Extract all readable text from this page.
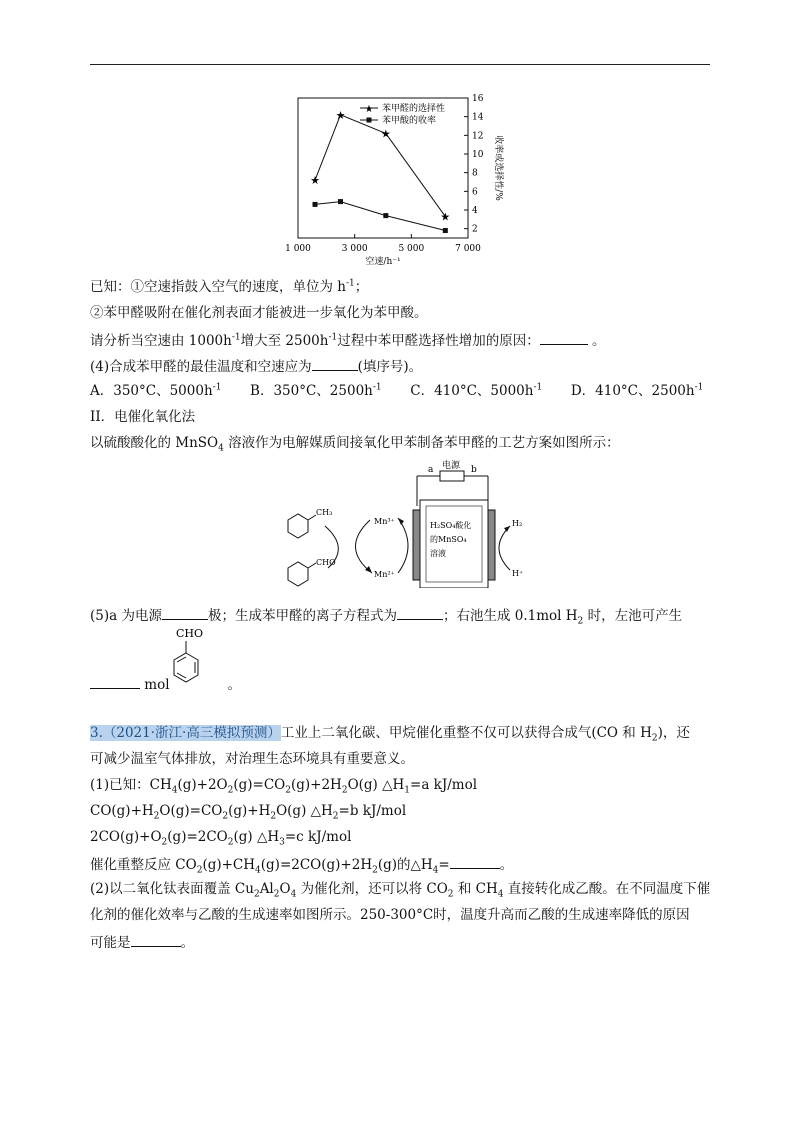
1 000	3 000	5 000	7 000
2
4
6
8
10
12
14
16
空速/h⁻¹
收率或选择性/%
★
★
★
★
★ 苯甲醛的选择性
苯甲酸的收率
已知：①空速指鼓入空气的速度，单位为 $h^{-1}$；
②苯甲醛吸附在催化剂表面才能被进一步氧化为苯甲酸。
请分析当空速由 $1000h^{-1}$增大至 $2500h^{-1}$过程中苯甲醛选择性增加的原因：	。
(4)合成苯甲醛的最佳温度和空速应为	(填序号)。
A．350°C、$5000h^{-1}$ B．350°C、$2500h^{-1}$ C．410°C、$5000h^{-1}$ D．410°C、$2500h^{-1}$
II．电催化氧化法
以硫酸酸化的 MnSO$_4$ 溶液作为电解媒质间接氧化甲苯制备苯甲醛的工艺方案如图所示：
CH₃
CHO
Mn³⁺
Mn²⁺
电源
a	b
H₂SO₄酸化
的MnSO₄
溶液
H₂
H⁺
(5)a 为电源	极；生成苯甲醛的离子方程式为	；右池生成 0.1mol $H_2$ 时，左池可产生
CHO
mol	。
3.（2021·浙江·高三模拟预测）工业上二氧化碳、甲烷催化重整不仅可以获得合成气(CO 和 $H_2$)，还
可减少温室气体排放，对治理生态环境具有重要意义。
(1)已知：$CH_4(g)+2O_2(g)=CO_2(g)+2H_2O(g)$ $\triangle H_1=a$ kJ/mol
$CO(g)+H_2O(g)=CO_2(g)+H_2O(g)$ $\triangle H_2=b$ kJ/mol
$2CO(g)+O_2(g)=2CO_2(g)$ $\triangle H_3=c$ kJ/mol
催化重整反应 $CO_2(g)+CH_4(g)=2CO(g)+2H_2(g)$的$\triangle H_4=$	。
(2)以二氧化钛表面覆盖 $Cu_2Al_2O_4$ 为催化剂，还可以将 $CO_2$ 和 $CH_4$ 直接转化成乙酸。在不同温度下催
化剂的催化效率与乙酸的生成速率如图所示。250-300°C时，温度升高而乙酸的生成速率降低的原因
可能是	。
